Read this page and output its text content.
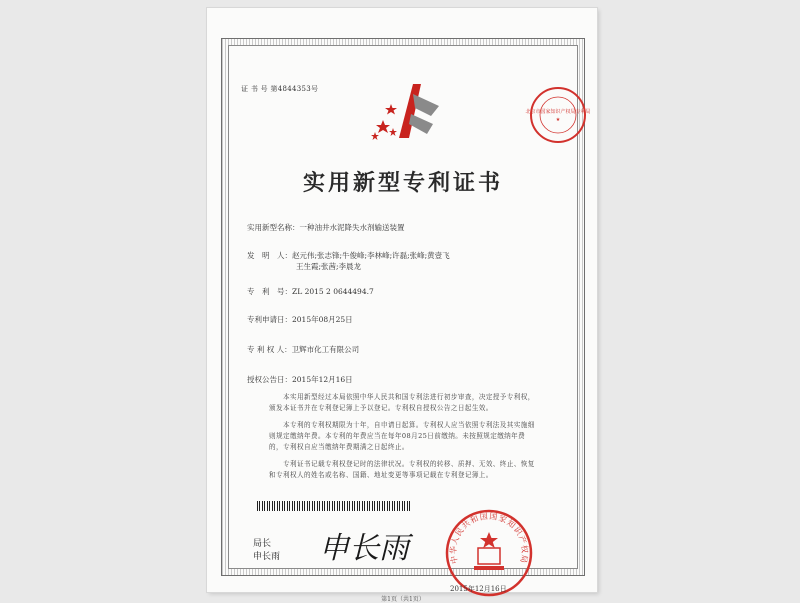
证 书 号 第4844353号
北京市国家知识产权局专利局
★
实用新型专利证书
实用新型名称：一种油井水泥降失水剂输送装置
发　明　人：赵元伟;张志锋;牛俊峰;李林峰;许磊;张峰;黄壹飞
王生霞;张茜;李晨龙
专　利　号：ZL 2015 2 0644494.7
专利申请日：2015年08月25日
专 利 权 人：卫辉市化工有限公司
授权公告日：2015年12月16日
本实用新型经过本局依照中华人民共和国专利法进行初步审查，决定授予专利权，颁发本证书并在专利登记簿上予以登记。专利权自授权公告之日起生效。
本专利的专利权期限为十年，自申请日起算。专利权人应当依照专利法及其实施细则规定缴纳年费。本专利的年费应当在每年08月25日前缴纳。未按照规定缴纳年费的，专利权自应当缴纳年费期满之日起终止。
专利证书记载专利权登记时的法律状况。专利权的转移、质押、无效、终止、恢复和专利权人的姓名或名称、国籍、地址变更等事项记载在专利登记簿上。
局长
申长雨 申长雨	中华人民共和国国家知识产权局
2015年12月16日
第1页（共1页）
